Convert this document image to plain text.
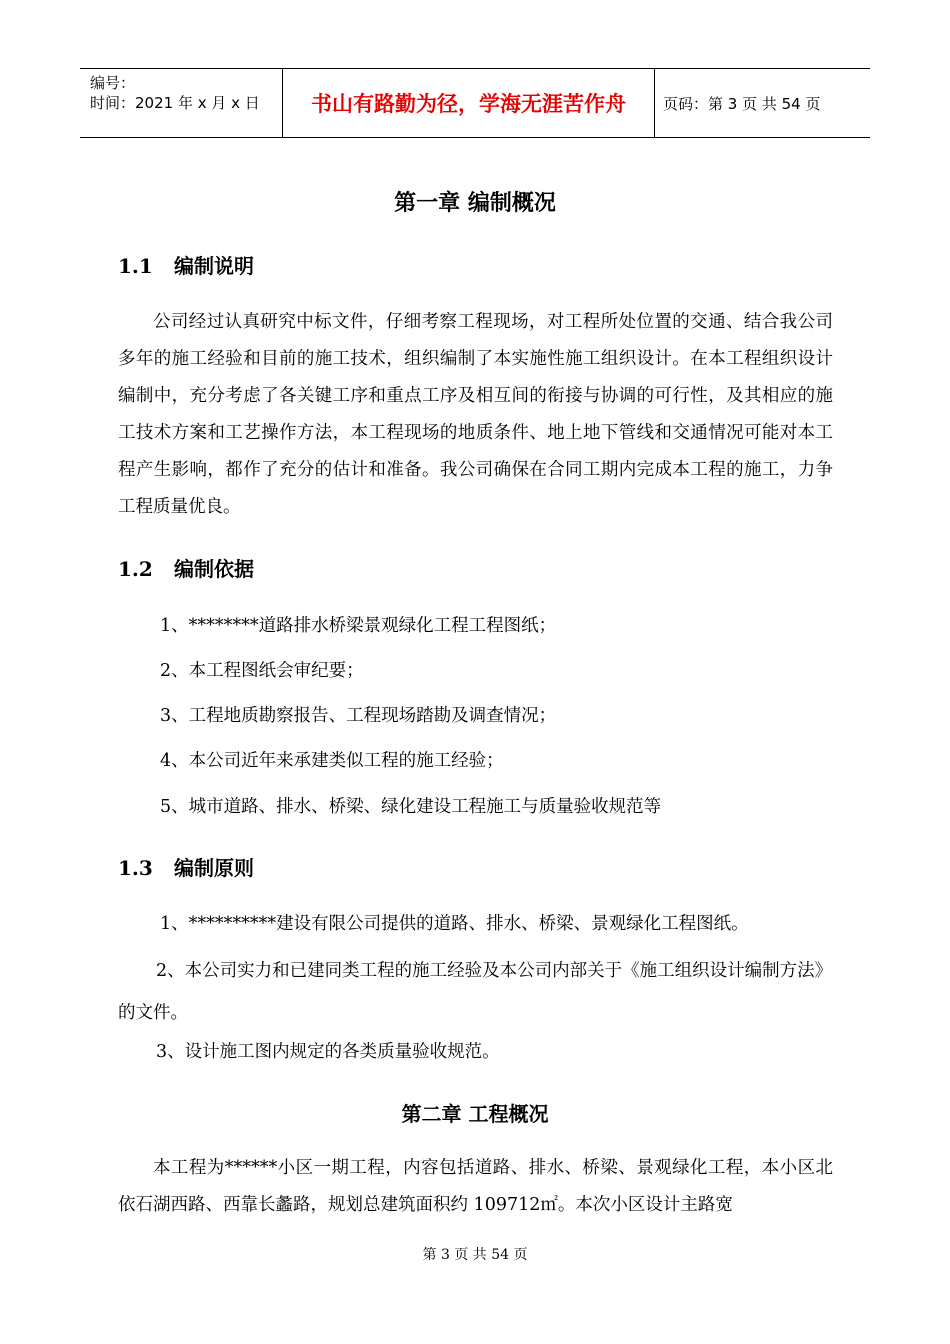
编号：
时间：2021 年 x 月 x 日	书山有路勤为径，学海无涯苦作舟	页码：第 3 页 共 54 页
第一章 编制概况
1.1 编制说明

公司经过认真研究中标文件，仔细考察工程现场，对工程所处位置的交通、结合我公司多年的施工经验和目前的施工技术，组织编制了本实施性施工组织设计。在本工程组织设计编制中，充分考虑了各关键工序和重点工序及相互间的衔接与协调的可行性，及其相应的施工技术方案和工艺操作方法，本工程现场的地质条件、地上地下管线和交通情况可能对本工程产生影响，都作了充分的估计和准备。我公司确保在合同工期内完成本工程的施工，力争工程质量优良。

1.2 编制依据
1、********道路排水桥梁景观绿化工程工程图纸；
2、本工程图纸会审纪要；
3、工程地质勘察报告、工程现场踏勘及调查情况；
4、本公司近年来承建类似工程的施工经验；
5、城市道路、排水、桥梁、绿化建设工程施工与质量验收规范等
1.3 编制原则
1、**********建设有限公司提供的道路、排水、桥梁、景观绿化工程图纸。

2、本公司实力和已建同类工程的施工经验及本公司内部关于《施工组织设计编制方法》的文件。

3、设计施工图内规定的各类质量验收规范。
第二章 工程概况

本工程为******小区一期工程，内容包括道路、排水、桥梁、景观绿化工程，本小区北依石湖西路、西靠长蠡路，规划总建筑面积约 109712㎡。本次小区设计主路宽

第 3 页 共 54 页
